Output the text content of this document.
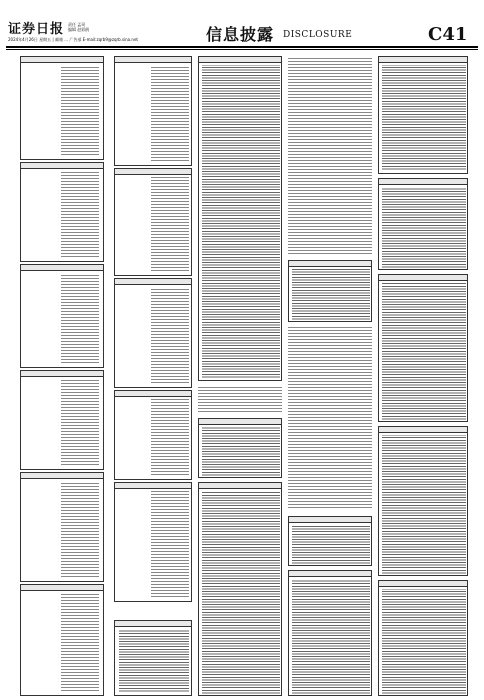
证券日报 责任 孟珂
编辑 赵彩鹃
2024年4月26日 星期五 | 邮箱 ... 广告部 E-mail:zqrb9@zqrb.sina.net	信息披露 DISCLOSURE	C41
